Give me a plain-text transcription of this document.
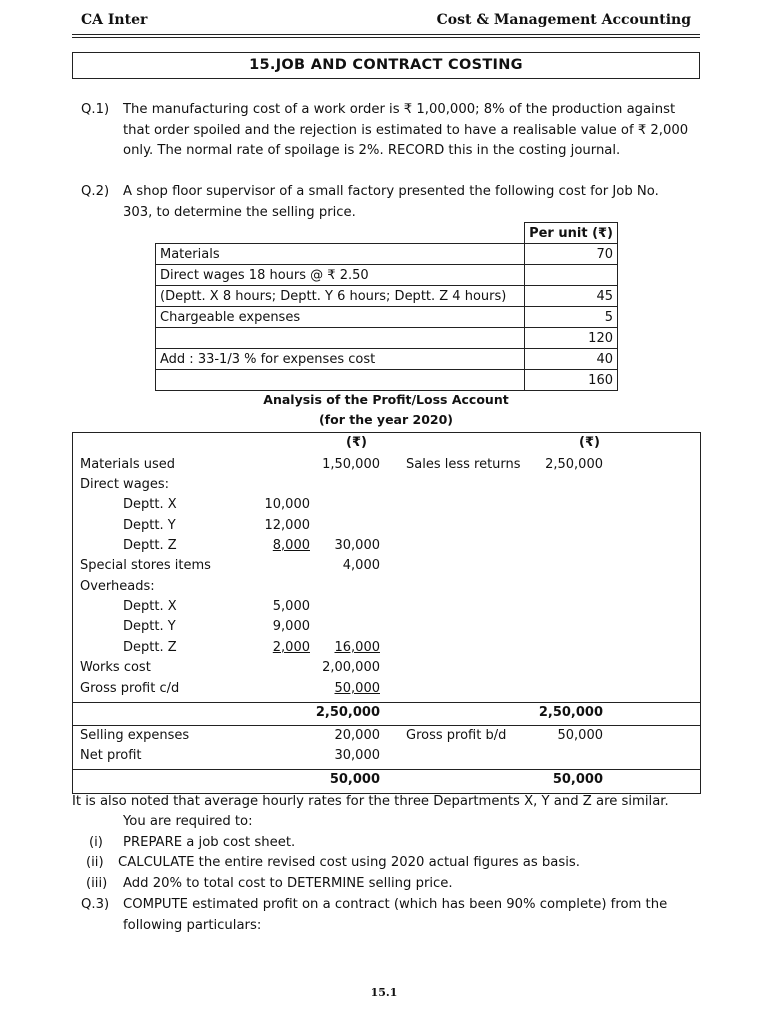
CA Inter	Cost & Management Accounting
15.JOB AND CONTRACT COSTING
Q.1) The manufacturing cost of a work order is ₹ 1,00,000; 8% of the production against
that order spoiled and the rejection is estimated to have a realisable value of ₹ 2,000
only. The normal rate of spoilage is 2%. RECORD this in the costing journal.
Q.2) A shop floor supervisor of a small factory presented the following cost for Job No.
303, to determine the selling price.
	Per unit (₹)
Materials	70
Direct wages 18 hours @ ₹ 2.50	
(Deptt. X 8 hours; Deptt. Y 6 hours; Deptt. Z 4 hours)	45
Chargeable expenses	5
	120
Add : 33-1/3 % for expenses cost	40
	160
Analysis of the Profit/Loss Account
(for the year 2020)
(₹)	(₹)
Materials used	1,50,000 Sales less returns 2,50,000
Direct wages:
Deptt. X	10,000
Deptt. Y	12,000
Deptt. Z	8,000 30,000
Special stores items	4,000
Overheads:
Deptt. X	5,000
Deptt. Y	9,000
Deptt. Z	2,000 16,000
Works cost	2,00,000
Gross profit c/d	50,000
2,50,000	2,50,000
Selling expenses	20,000 Gross profit b/d	50,000
Net profit	30,000
50,000	50,000
It is also noted that average hourly rates for the three Departments X, Y and Z are similar.
You are required to:
(i) PREPARE a job cost sheet.
(ii) CALCULATE the entire revised cost using 2020 actual figures as basis.
(iii) Add 20% to total cost to DETERMINE selling price.
Q.3) COMPUTE estimated profit on a contract (which has been 90% complete) from the
following particulars:
15.1
